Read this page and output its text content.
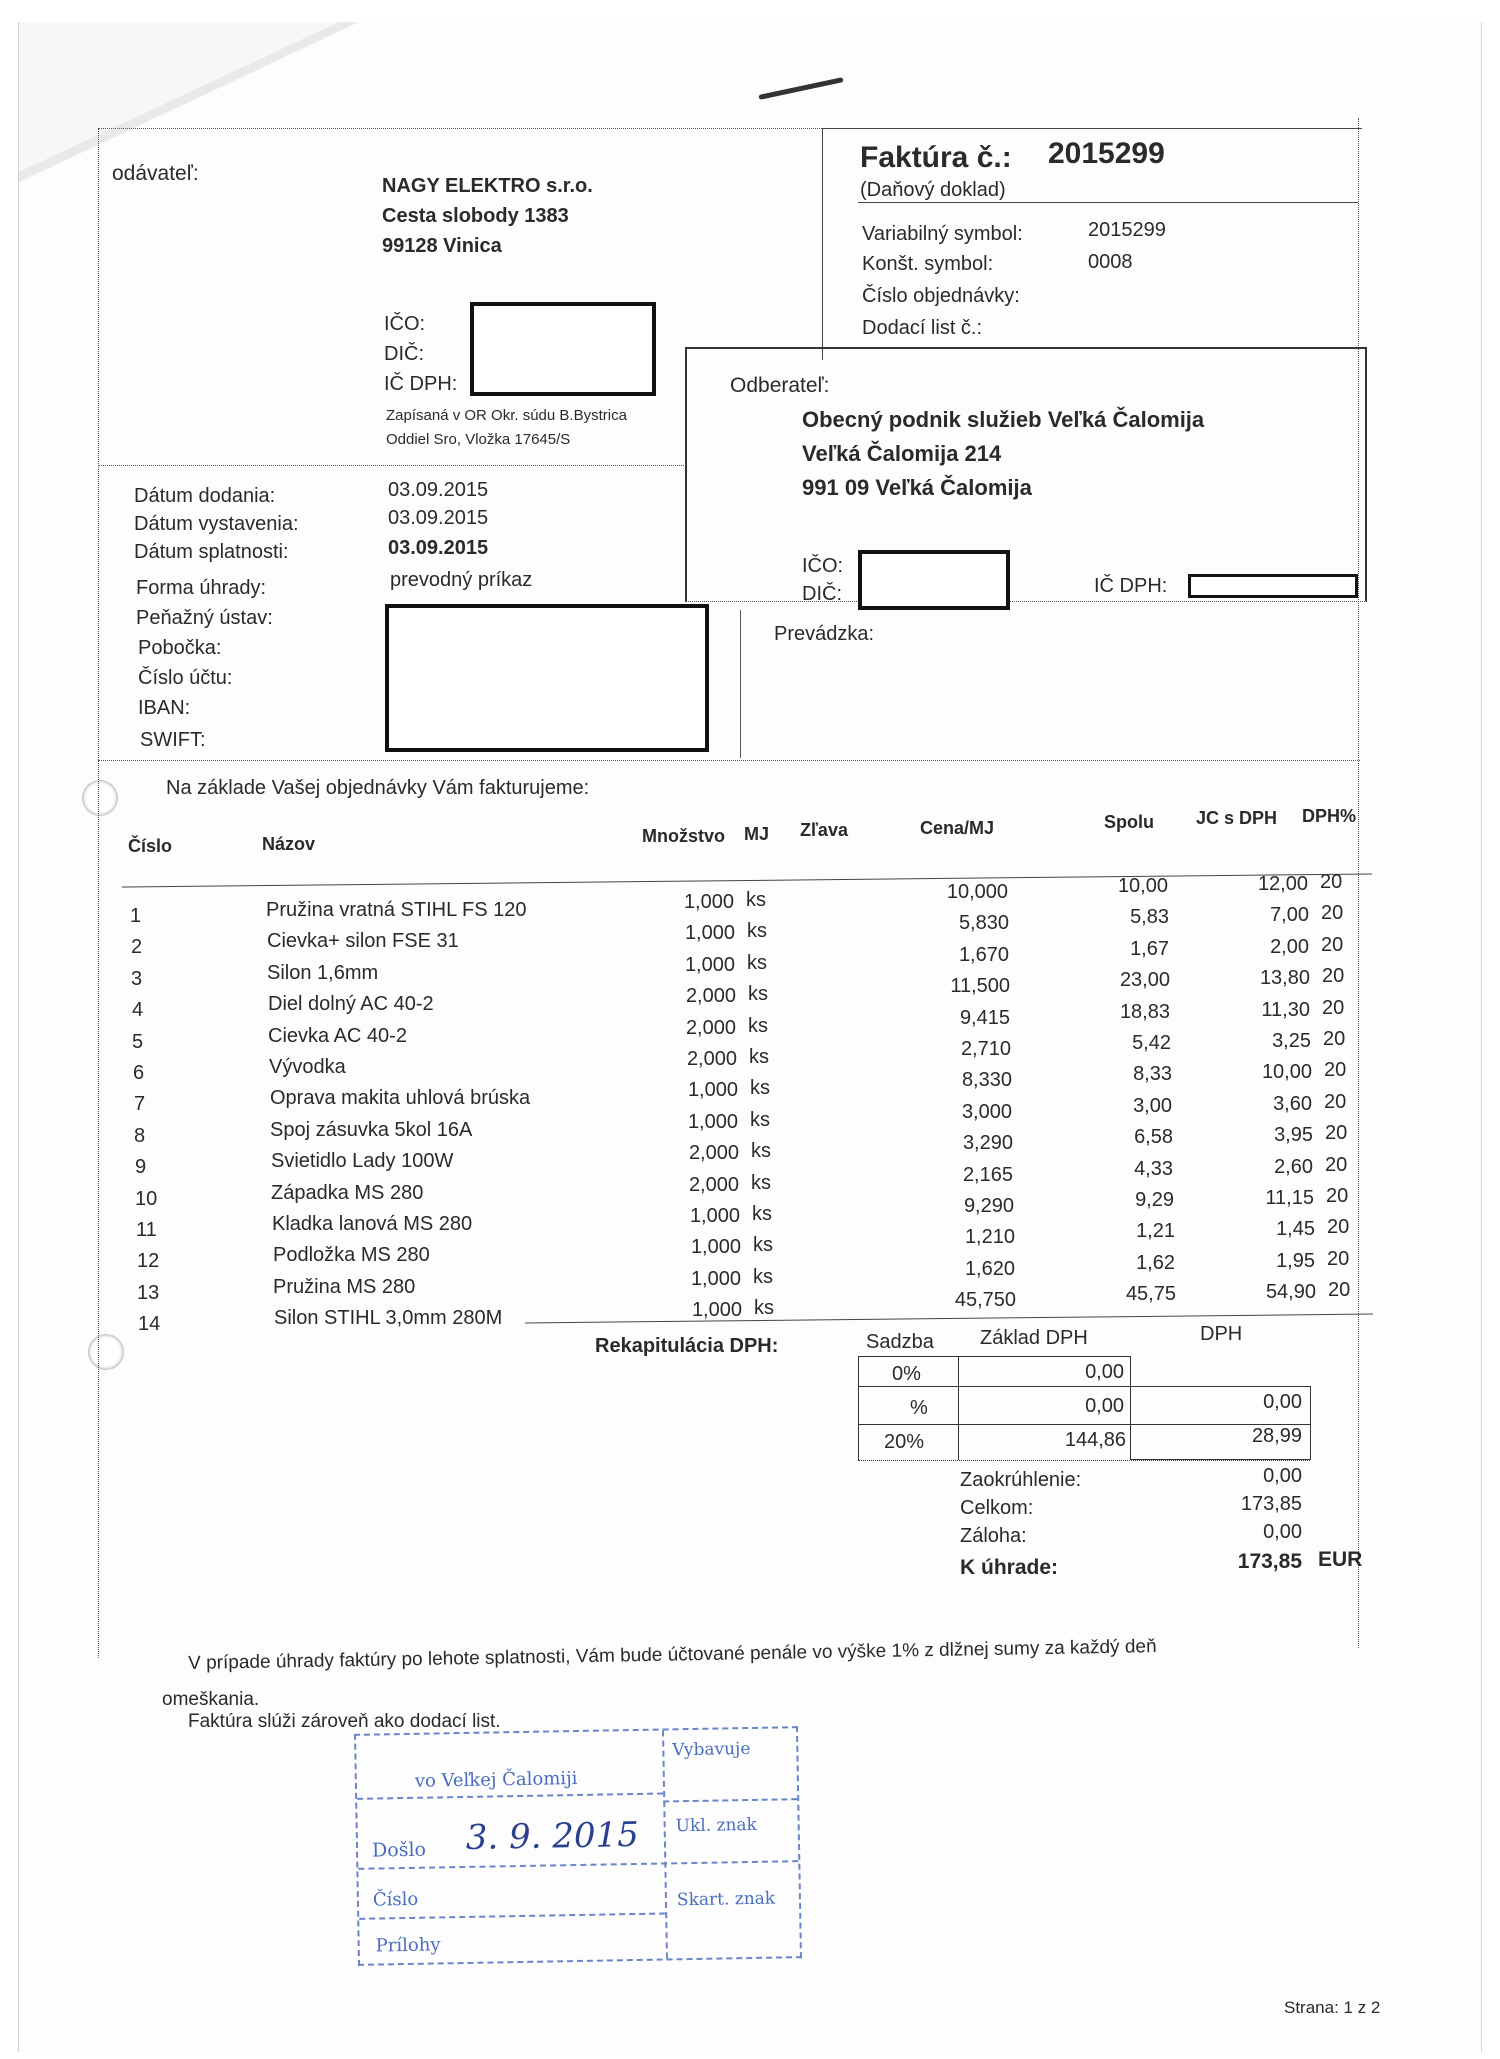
odávateľ:
NAGY ELEKTRO s.r.o.
Cesta slobody 1383
99128 Vinica
IČO:
DIČ:
IČ DPH:
Zapísaná v OR Okr. súdu B.Bystrica
Oddiel Sro, Vložka 17645/S
Faktúra č.: 2015299
(Daňový doklad)
Variabilný symbol:	2015299
Konšt. symbol:	0008
Číslo objednávky:
Dodací list č.:
Odberateľ:
Obecný podnik služieb Veľká Čalomija
Veľká Čalomija 214
991 09 Veľká Čalomija
IČO:
DIČ:	IČ DPH:
Dátum dodania:	03.09.2015
Dátum vystavenia:	03.09.2015
Dátum splatnosti:	03.09.2015
Forma úhrady:	prevodný príkaz
Peňažný ústav:
Pobočka:
Číslo účtu:
IBAN:
SWIFT:
Prevádzka:
Na základe Vašej objednávky Vám fakturujeme:
Číslo	Názov	Množstvo MJ Zľava	Cena/MJ	Spolu JC s DPH DPH%
1	Pružina vratná STIHL FS 120	1,000 ks	10,000	10,00	12,00 20
2	Cievka+ silon FSE 31	1,000 ks	5,830	5,83	7,00 20
3	Silon 1,6mm	1,000 ks	1,670	1,67	2,00 20
4	Diel dolný AC 40-2	2,000 ks	11,500	23,00	13,80 20
5	Cievka AC 40-2	2,000 ks	9,415	18,83	11,30 20
6	Vývodka	2,000 ks	2,710	5,42	3,25 20
7	Oprava makita uhlová brúska	1,000 ks	8,330	8,33	10,00 20
8	Spoj zásuvka 5kol 16A	1,000 ks	3,000	3,00	3,60 20
9	Svietidlo Lady 100W	2,000 ks	3,290	6,58	3,95 20
10	Západka MS 280	2,000 ks	2,165	4,33	2,60 20
11	Kladka lanová MS 280	1,000 ks	9,290	9,29	11,15 20
12	Podložka MS 280	1,000 ks	1,210	1,21	1,45 20
13	Pružina MS 280	1,000 ks	1,620	1,62	1,95 20
14	Silon STIHL 3,0mm 280M	1,000 ks	45,750	45,75	54,90 20
Rekapitulácia DPH:	Sadzba Základ DPH	DPH
0%	0,00
%	0,00	0,00
20%	144,86	28,99
Zaokrúhlenie:	0,00
Celkom:	173,85
Záloha:	0,00
K úhrade:	173,85 EUR
V prípade úhrady faktúry po lehote splatnosti, Vám bude účtované penále vo výške 1% z dlžnej sumy za každý deň
omeškania.
Faktúra slúži zároveň ako dodací list.
Strana: 1 z 2
vo Veľkej Čalomiji
Došlo 3. 9. 2015
Číslo
Prílohy
Vybavuje
Ukl. znak
Skart. znak
